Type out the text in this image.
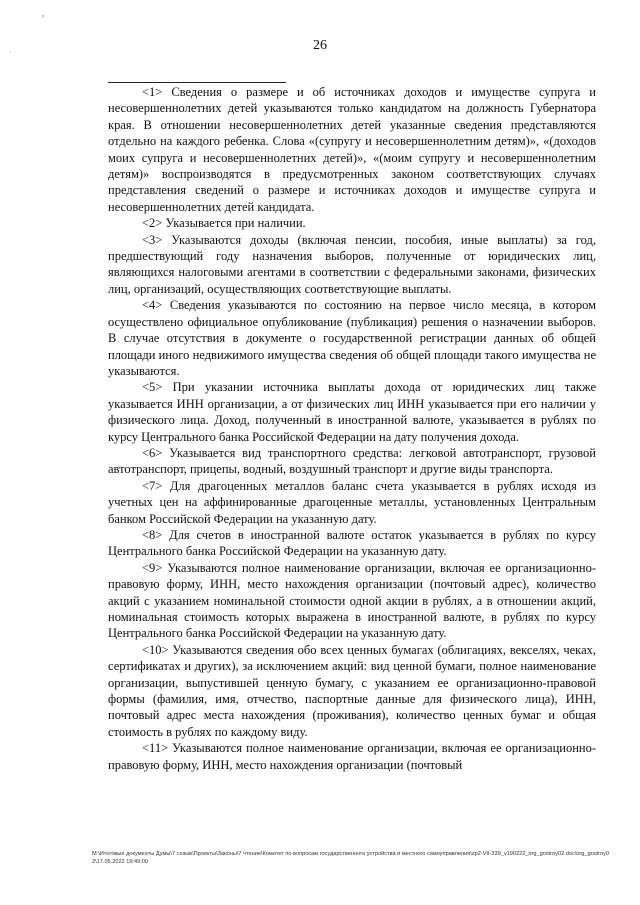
°
·	26

<1> Сведения о размере и об источниках доходов и имуществе супруга и несовершеннолетних детей указываются только кандидатом на должность Губернатора края. В отношении несовершеннолетних детей указанные сведения представляются отдельно на каждого ребенка. Слова «(супругу и несовершеннолетним детям)», «(доходов моих супруга и несовершеннолетних детей)», «(моим супругу и несовершеннолетним детям)» воспроизводятся в предусмотренных законом соответствующих случаях представления сведений о размере и источниках доходов и имуществе супруга и несовершеннолетних детей кандидата.

<2> Указывается при наличии.

<3> Указываются доходы (включая пенсии, пособия, иные выплаты) за год, предшествующий году назначения выборов, полученные от юридических лиц, являющихся налоговыми агентами в соответствии с федеральными законами, физических лиц, организаций, осуществляющих соответствующие выплаты.

<4> Сведения указываются по состоянию на первое число месяца, в котором осуществлено официальное опубликование (публикация) решения о назначении выборов. В случае отсутствия в документе о государственной регистрации данных об общей площади иного недвижимого имущества сведения об общей площади такого имущества не указываются.

<5> При указании источника выплаты дохода от юридических лиц также указывается ИНН организации, а от физических лиц ИНН указывается при его наличии у физического лица. Доход, полученный в иностранной валюте, указывается в рублях по курсу Центрального банка Российской Федерации на дату получения дохода.

<6> Указывается вид транспортного средства: легковой автотранспорт, грузовой автотранспорт, прицепы, водный, воздушный транспорт и другие виды транспорта.

<7> Для драгоценных металлов баланс счета указывается в рублях исходя из учетных цен на аффинированные драгоценные металлы, установленных Центральным банком Российской Федерации на указанную дату.

<8> Для счетов в иностранной валюте остаток указывается в рублях по курсу Центрального банка Российской Федерации на указанную дату.

<9> Указываются полное наименование организации, включая ее организационно-правовую форму, ИНН, место нахождения организации (почтовый адрес), количество акций с указанием номинальной стоимости одной акции в рублях, а в отношении акций, номинальная стоимость которых выражена в иностранной валюте, в рублях по курсу Центрального банка Российской Федерации на указанную дату.

<10> Указываются сведения обо всех ценных бумагах (облигациях, векселях, чеках, сертификатах и других), за исключением акций: вид ценной бумаги, полное наименование организации, выпустившей ценную бумагу, с указанием ее организационно-правовой формы (фамилия, имя, отчество, паспортные данные для физического лица), ИНН, почтовый адрес места нахождения (проживания), количество ценных бумаг и общая стоимость в рублях по каждому виду.

<11> Указываются полное наименование организации, включая ее организационно-правовую форму, ИНН, место нахождения организации (почтовый

M:\Итоговые документы Думы\7 созыв\Проекты\Законы\7 чтение\Комитет по вопросам государственного устройства и местного самоуправления\zp2-VII-339_v190222_org_gostroy02.doc\org_gostroy02\17.05.2022 19:49:00
